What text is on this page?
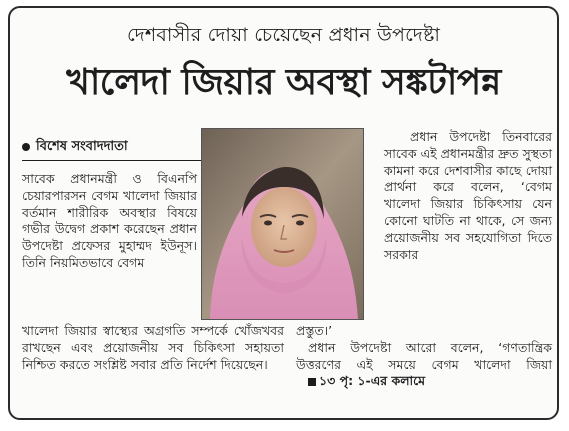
দেশবাসীর দোয়া চেয়েছেন প্রধান উপদেষ্টা
খালেদা জিয়ার অবস্থা সঙ্কটাপন্ন
বিশেষ সংবাদদাতা

সাবেক প্রধানমন্ত্রী ও বিএনপি চেয়ারপারসন বেগম খালেদা জিয়ার বর্তমান শারীরিক অবস্থার বিষয়ে গভীর উদ্বেগ প্রকাশ করেছেন প্রধান উপদেষ্টা প্রফেসর মুহাম্মদ ইউনূস। তিনি নিয়মিতভাবে বেগম

খালেদা জিয়ার স্বাস্থ্যের অগ্রগতি সম্পর্কে খোঁজখবর রাখছেন এবং প্রয়োজনীয় সব চিকিৎসা সহায়তা নিশ্চিত করতে সংশ্লিষ্ট সবার প্রতি নির্দেশ দিয়েছেন।

প্রধান উপদেষ্টা তিনবারের সাবেক এই প্রধানমন্ত্রীর দ্রুত সুস্থতা কামনা করে দেশবাসীর কাছে দোয়া প্রার্থনা করে বলেন, ‘বেগম খালেদা জিয়ার চিকিৎসায় যেন কোনো ঘাটতি না থাকে, সে জন্য প্রয়োজনীয় সব সহযোগিতা দিতে সরকার

প্রস্তুত।’

প্রধান উপদেষ্টা আরো বলেন, ‘গণতান্ত্রিক উত্তরণের এই সময়ে বেগম খালেদা জিয়া ১৩ পৃ: ১-এর কলামে
